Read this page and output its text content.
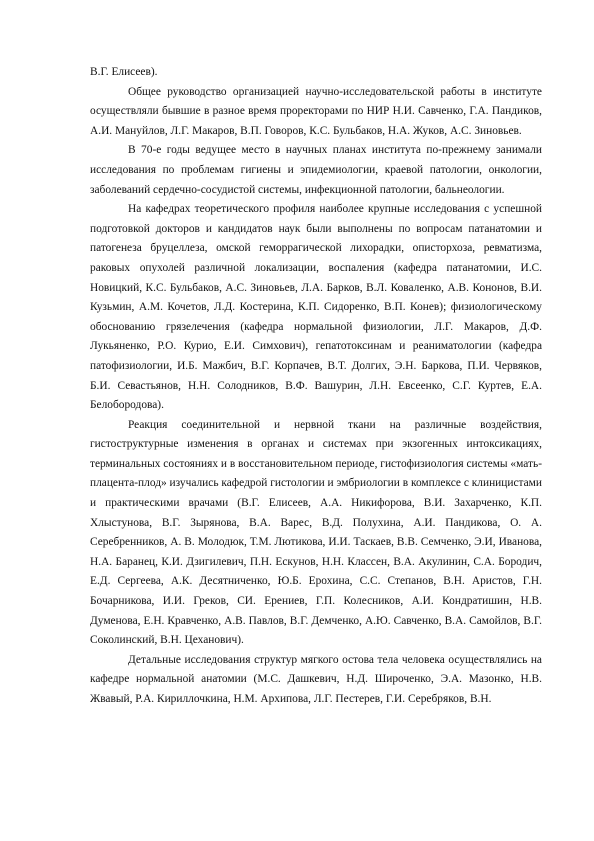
В.Г. Елисеев).

Общее руководство организацией научно-исследовательской работы в институте осуществляли бывшие в разное время проректорами по НИР Н.И. Савченко, Г.А. Пандиков, А.И. Мануйлов, Л.Г. Макаров, В.П. Говоров, К.С. Бульбаков, Н.А. Жуков, А.С. Зиновьев.

В 70-е годы ведущее место в научных планах института по-прежнему занимали исследования по проблемам гигиены и эпидемиологии, краевой патологии, онкологии, заболеваний сердечно-сосудистой системы, инфекционной патологии, бальнеологии.

На кафедрах теоретического профиля наиболее крупные исследования с успешной подготовкой докторов и кандидатов наук были выполнены по вопросам патанатомии и патогенеза бруцеллеза, омской геморрагической лихорадки, описторхоза, ревматизма, раковых опухолей различной локализации, воспаления (кафедра патанатомии, И.С. Новицкий, К.С. Бульбаков, А.С. Зиновьев, Л.А. Барков, В.Л. Коваленко, А.В. Кононов, В.И. Кузьмин, А.М. Кочетов, Л.Д. Костерина, К.П. Сидоренко, В.П. Конев); физиологическому обоснованию грязелечения (кафедра нормальной физиологии, Л.Г. Макаров, Д.Ф. Лукьяненко, Р.О. Курио, Е.И. Симхович), гепатотоксинам и реаниматологии (кафедра патофизиологии, И.Б. Мажбич, В.Г. Корпачев, В.Т. Долгих, Э.Н. Баркова, П.И. Червяков, Б.И. Севастьянов, Н.Н. Солодников, В.Ф. Вашурин, Л.Н. Евсеенко, С.Г. Куртев, Е.А. Белобородова).

Реакция соединительной и нервной ткани на различные воздействия, гистоструктурные изменения в органах и системах при экзогенных интоксикациях, терминальных состояниях и в восстановительном периоде, гистофизиология системы «мать-плацента-плод» изучались кафедрой гистологии и эмбриологии в комплексе с клиницистами и практическими врачами (В.Г. Елисеев, А.А. Никифорова, В.И. Захарченко, К.П. Хлыстунова, В.Г. Зырянова, В.А. Варес, В.Д. Полухина, А.И. Пандикова, О. А. Серебренников, А. В. Молодюк, Т.М. Лютикова, И.И. Таскаев, В.В. Семченко, Э.И, Иванова, Н.А. Баранец, К.И. Дзигилевич, П.Н. Ескунов, Н.Н. Классен, В.А. Акулинин, С.А. Бородич, Е.Д. Сергеева, А.К. Десятниченко, Ю.Б. Ерохина, С.С. Степанов, В.Н. Аристов, Г.Н. Бочарникова, И.И. Греков, СИ. Ерениев, Г.П. Колесников, А.И. Кондратишин, Н.В. Думенова, Е.Н. Кравченко, А.В. Павлов, В.Г. Демченко, А.Ю. Савченко, В.А. Самойлов, В.Г. Соколинский, В.Н. Цеханович).

Детальные исследования структур мягкого остова тела человека осуществлялись на кафедре нормальной анатомии (М.С. Дашкевич, Н.Д. Широченко, Э.А. Мазонко, Н.В. Жвавый, Р.А. Кириллочкина, Н.М. Архипова, Л.Г. Пестерев, Г.И. Серебряков, В.Н.
